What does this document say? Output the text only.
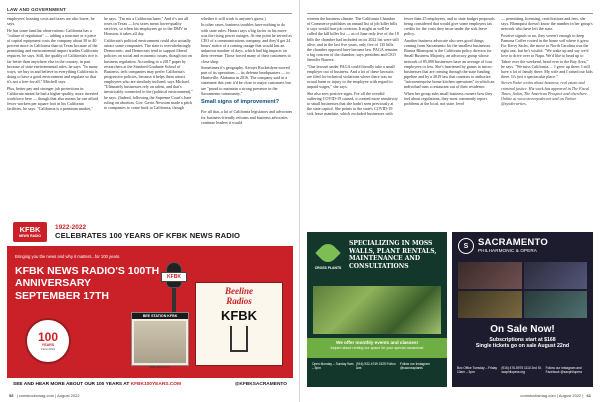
LAW AND GOVERNMENT

employees' housing costs and taxes are also lower, he says.

He has some familiar observations: California has a "culture of regulation" — adding a structure or a piece of capital equipment costs the company about 30 to 40 percent more in California than in Texas because of the permitting and environmental impact studies California requires, he says. Still, the quality of California's rice is far better than anywhere else in the country, in part because of state environmental rules, he says. "In many ways, we buy in and believe in everything California is doing to have a good environment and regulate so that it's not a free-for-all," Mitchell says.

Plus, better pay and stronger job protections in California meant he had a higher-quality, more invested workforce here — though that also means he can afford fewer workers per square foot in his California facilities, he says. "California is a premium market,"

he says. "I'm not a California hater." And it's not all roses in Texas — low taxes mean lower-quality services, so when his employees go to the DMV in Houston, it takes all day.

California's political environment could also actually attract some companies. The state is overwhelmingly Democratic, and Democrats tend to support liberal policies on social and economic issues, though not on business regulation. According to a 2017 paper by researchers at the Stanford Graduate School of Business, tech companies may prefer California's progressive policies, because it helps them attract employees who are similarly inclined, says Michael. "Ultimately businesses rely on talent, and that's inextricably connected to the (political environment)," he says. (Indeed, following the Supreme Court's June ruling on abortion, Gov. Gavin Newsom made a pitch to companies to come back to California, though

whether it will work is anyone's guess.)

In other cases, business troubles have nothing to do with state rules. Hazari says a big factor in his move was the rising power outages. At one point he served as CEO of a communications company, and they'd get 24 hours' notice of a coming outage that would last an unknown number of days, which had big impacts on their revenue. Those forced many of their customers to close shop.

Sometimes it's geography. Aerojet Rocketdyne moved part of its operations — its defense headquarters — to Huntsville, Alabama in 2016. The company said in a statement this year it'd be close to major customers but are "proud to maintain a strong presence in the Sacramento community."

Small signs of improvement?

For all that, a lot of California legislators and advocates for business-friendly reforms and business advocates continue leaders it would

KFBK
NEWS RADIO
1922-2022
CELEBRATES 100 YEARS OF KFBK NEWS RADIO
Bringing you the news and why it matters...for 100 years.
KFBK NEWS RADIO'S 100TH ANNIVERSARY
SEPTEMBER 17TH
100
YEARS
1922-2022
KFBK
BEE STATION KFBK
Ellis Music Co.
Beeline
Radios
KFBK
SEE AND HEAR MORE ABOUT OUR 100 YEARS AT KFBK100YEARS.COM	@KFBKSACRAMENTO
58 | comstocksmag.com | August 2022

wereon the business climate. The California Chamber of Commerce publishes an annual list of job killer bills it says would hurt job creation. It might as well be called the kill killer list — as of June only five of the 18 bills the chamber had included on its 2022 list were still alive, and in the last five years, only five of 135 bills the chamber opposed have become law. PAGA remains a big concern of the chamber, says president and CEO Jennifer Barrera.

"One lawsuit under PAGA could literally take a small employer out of business. And a lot of these lawsuits are filed for technical violations where there was no actual harm or injury to the employee with regard to unpaid wages," she says.

She also sees positive signs. For all the overdid suffering COVID-19 caused, it created more sensitivity to small businesses that she hadn't seen previously at the state capitol. She points to the state's COVID-19 sick leave mandate, which excluded businesses with

fewer than 25 employees, and to state budget proposals being considered that would give some employers tax credits for the costs they incur under the sick leave policy.

Another business advocate also sees good things coming from Sacramento for the smallest businesses. Bianca Blomquist is the California policy director for Small Business Majority, an advocacy group whose network of 85,000 businesses have an average of four employees or less. She's heartened by grants to micro-businesses that are coming through the state funding pipeline and by a 2019 law that counties to authorize "microenterprise home kitchen operations" in which an individual runs a restaurant out of their residence.

When her group asks small business owners how they feel about regulations, they most commonly report problems at the local, not state, level

— permitting, licensing, certifications and fees, she says. Blomquist doesn't know the number in her group's network who have left the state.

Positive signals or no, they weren't enough to keep Pamona Coffee rooted in the home soil where it grew. For Kerry Sachs, the move to North Carolina was the right one, but he's wistful. "We wake up and say we'd love to drive over to Napa. We'd like to head up to Tahoe over the weekend, head over to the Bay Area," he says. "We miss California. ... I grew up there. I still have a lot of family there. My wife and I raised our kids there. It's just a spectacular place."

Steven Yoder writes about business, real estate and criminal justice. His work has appeared in The Fiscal Times, Salon, The American Prospect and elsewhere. Online at www.stevenyoder.net and on Twitter @syoderwrites.

CROSS PLANTS
SPECIALIZING IN MOSS WALLS, PLANT RENTALS, MAINTENANCE AND CONSULTATIONS
We offer monthly events and classes!
Inquire about renting our space for your special occasions!
Open Monday – Sunday 9am – 5pm
(916) 932-4749 1525 Fulton Ave.
Follow our Instagram @sacrossplants
S	SACRAMENTO
PHILHARMONIC & OPERA
On Sale Now!
Subscriptions start at $168
Single tickets go on sale August 22nd
Box Office Tuesday – Friday 10am – 3pm
(916) 476-5975 1110 2nd St. sacphilopera.org
Follow our Instagram and Facebook @sacphilopera
comstocksmag.com | August 2022 | 61
